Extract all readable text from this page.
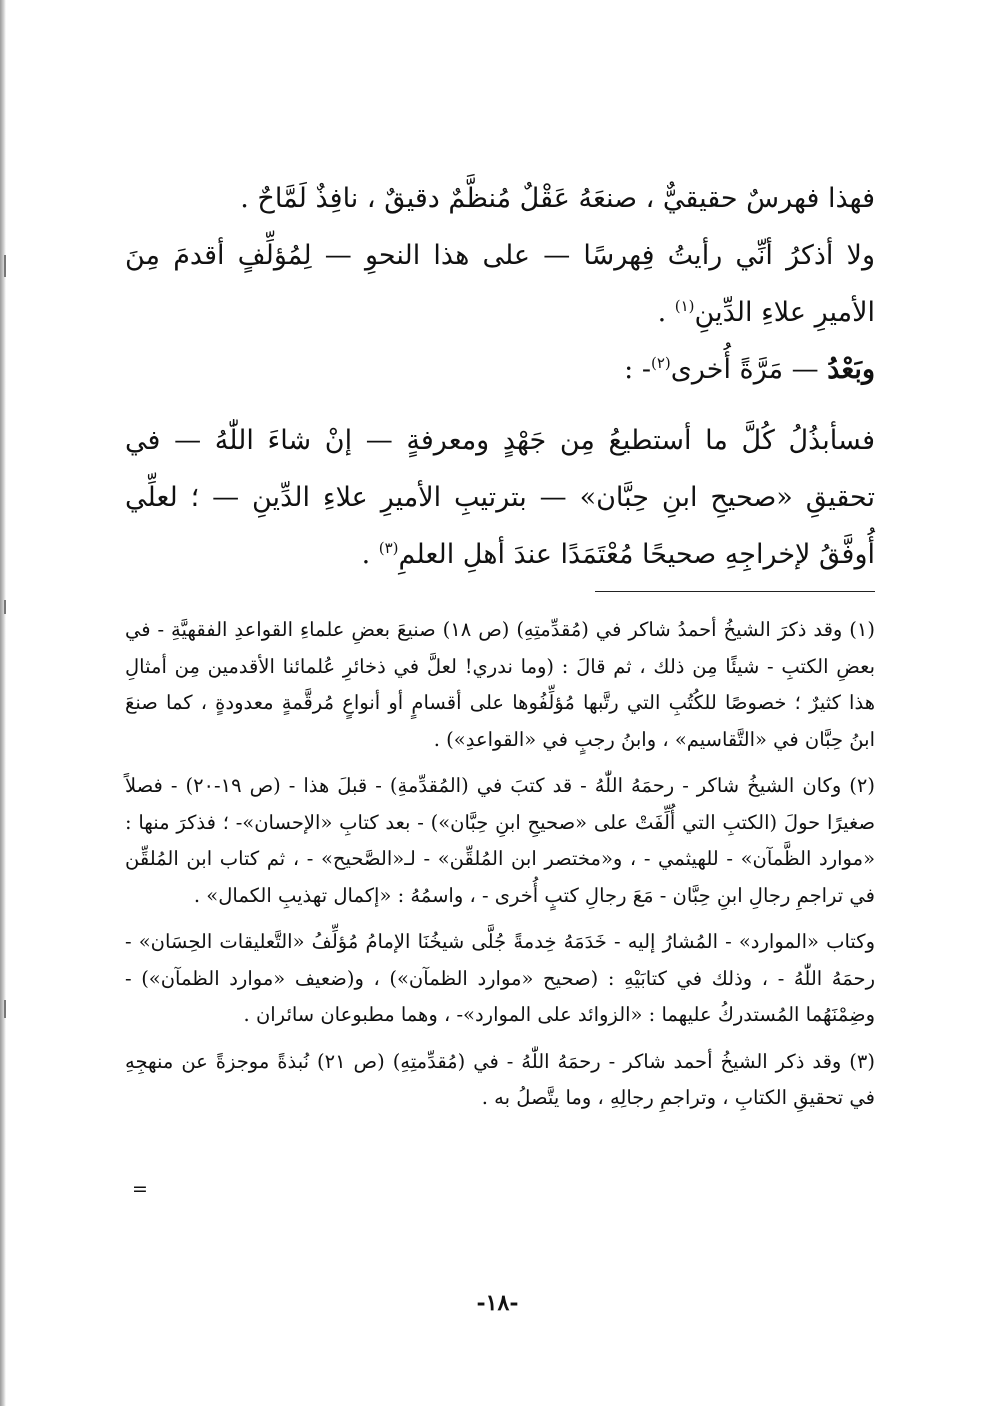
فهذا فهرسٌ حقيقيٌّ ، صنعَهُ عَقْلٌ مُنظَّمٌ دقيقٌ ، نافِذٌ لَمَّاحٌ .

ولا أذكرُ أنِّي رأيتُ فِهرسًا — على هذا النحوِ — لِمُؤلِّفٍ أقدمَ مِنَ الأميرِ علاءِ الدِّينِ$^{(١)}$ .

وبَعْدُ — مَرَّةً أُخرى$^{(٢)}$- :

فسأبذُلُ كُلَّ ما أستطيعُ مِن جَهْدٍ ومعرفةٍ — إنْ شاءَ اللّٰهُ — في تحقيقِ «صحيحِ ابنِ حِبَّان» — بترتيبِ الأميرِ علاءِ الدِّينِ — ؛ لعلِّي أُوفَّقُ لإخراجِهِ صحيحًا مُعْتَمَدًا عندَ أهلِ العلمِ$^{(٣)}$ .

(١) وقد ذكرَ الشيخُ أحمدُ شاكر في (مُقدِّمتِهِ) (ص ١٨) صنيعَ بعضِ علماءِ القواعدِ الفقهيَّةِ - في بعضِ الكتبِ - شيئًا مِن ذلك ، ثم قالَ : (وما ندري! لعلَّ في ذخائرِ عُلمائنا الأقدمين مِن أمثالِ هذا كثيرٌ ؛ خصوصًا للكُتُبِ التي رتَّبها مُؤلِّفُوها على أقسامٍ أو أنواعٍ مُرقَّمةٍ معدودةٍ ، كما صنعَ ابنُ حِبَّان في «التَّقاسيم» ، وابنُ رجبٍ في «القواعدِ») .

(٢) وكان الشيخُ شاكر - رحمَهُ اللّٰهُ - قد كتبَ في (المُقدِّمةِ) - قبلَ هذا - (ص ١٩-٢٠) - فصلاً صغيرًا حولَ (الكتبِ التي أُلِّفَتْ على «صحيحِ ابنِ حِبَّان») - بعد كتابِ «الإحسان»- ؛ فذكرَ منها : «موارد الظَّمآن» - للهيثمي - ، و«مختصر ابن المُلقِّن» - لـ«الصَّحيح» - ، ثم كتاب ابن المُلقِّن في تراجمِ رجالِ ابنِ حِبَّان - مَعَ رجالِ كتبٍ أُخرى - ، واسمُهُ : «إكمال تهذيبِ الكمال» .

وكتاب «الموارد» - المُشارُ إليه - خَدَمَهُ خِدمةً جُلَّى شيخُنَا الإمامُ مُؤلِّفُ «التَّعليقات الحِسَان» - رحمَهُ اللّٰهُ - ، وذلك في كتابَيْهِ : (صحيح «موارد الظمآن») ، و(ضعيف «موارد الظمآن») - وضِمْنَهُما المُستدركُ عليهما : «الزوائد على الموارد»- ، وهما مطبوعان سائران .

(٣) وقد ذكر الشيخُ أحمد شاكر - رحمَهُ اللّٰهُ - في (مُقدِّمتِهِ) (ص ٢١) نُبذةً موجزةً عن منهجِهِ في تحقيقِ الكتابِ ، وتراجمِ رجالِهِ ، وما يتَّصلُ به .

=
-١٨-
